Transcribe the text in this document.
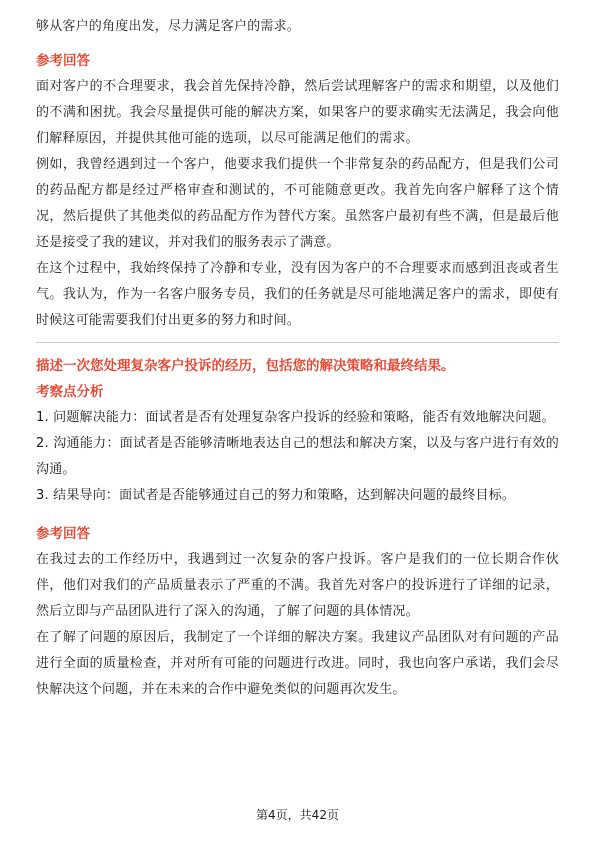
够从客户的角度出发，尽力满足客户的需求。

参考回答

面对客户的不合理要求，我会首先保持冷静，然后尝试理解客户的需求和期望，以及他们的不满和困扰。我会尽量提供可能的解决方案，如果客户的要求确实无法满足，我会向他们解释原因，并提供其他可能的选项，以尽可能满足他们的需求。

例如，我曾经遇到过一个客户，他要求我们提供一个非常复杂的药品配方，但是我们公司的药品配方都是经过严格审查和测试的，不可能随意更改。我首先向客户解释了这个情况，然后提供了其他类似的药品配方作为替代方案。虽然客户最初有些不满，但是最后他还是接受了我的建议，并对我们的服务表示了满意。

在这个过程中，我始终保持了冷静和专业，没有因为客户的不合理要求而感到沮丧或者生气。我认为，作为一名客户服务专员，我们的任务就是尽可能地满足客户的需求，即使有时候这可能需要我们付出更多的努力和时间。

描述一次您处理复杂客户投诉的经历，包括您的解决策略和最终结果。
考察点分析

1. 问题解决能力：面试者是否有处理复杂客户投诉的经验和策略，能否有效地解决问题。

2. 沟通能力：面试者是否能够清晰地表达自己的想法和解决方案，以及与客户进行有效的沟通。

3. 结果导向：面试者是否能够通过自己的努力和策略，达到解决问题的最终目标。

参考回答

在我过去的工作经历中，我遇到过一次复杂的客户投诉。客户是我们的一位长期合作伙伴，他们对我们的产品质量表示了严重的不满。我首先对客户的投诉进行了详细的记录，然后立即与产品团队进行了深入的沟通，了解了问题的具体情况。

在了解了问题的原因后，我制定了一个详细的解决方案。我建议产品团队对有问题的产品进行全面的质量检查，并对所有可能的问题进行改进。同时，我也向客户承诺，我们会尽快解决这个问题，并在未来的合作中避免类似的问题再次发生。

第4页，共42页
